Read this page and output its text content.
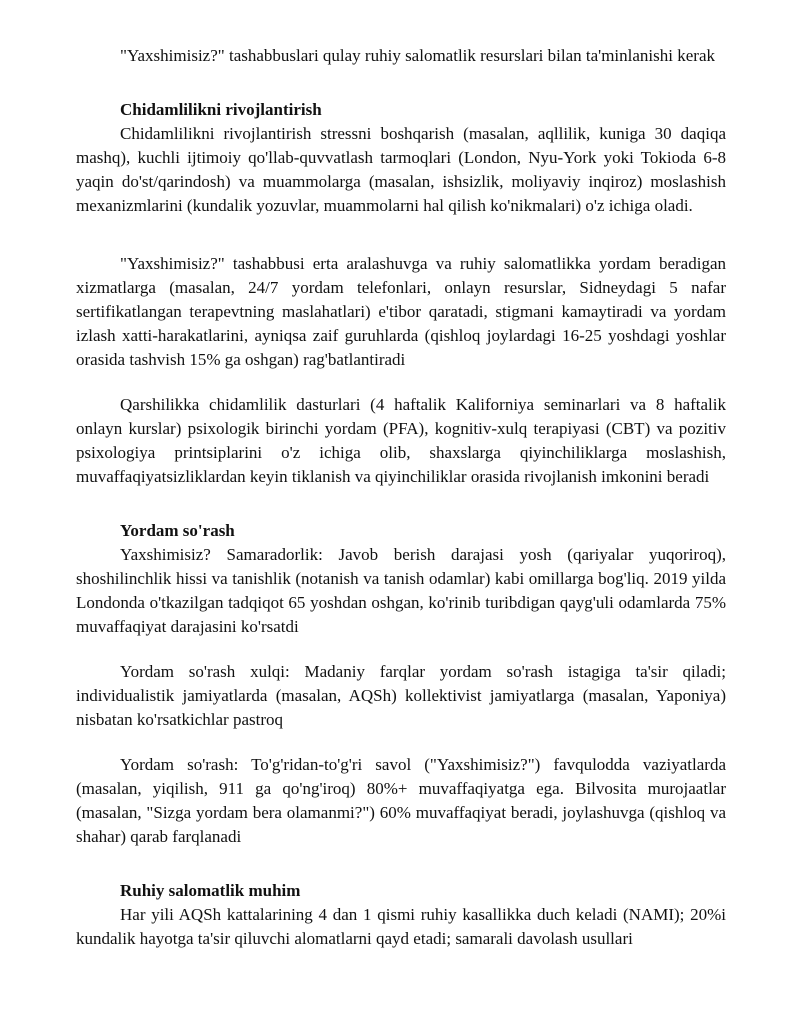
"Yaxshimisiz?" tashabbuslari qulay ruhiy salomatlik resurslari bilan ta'minlanishi kerak

Chidamlilikni rivojlantirish

Chidamlilikni rivojlantirish stressni boshqarish (masalan, aqllilik, kuniga 30 daqiqa mashq), kuchli ijtimoiy qo'llab-quvvatlash tarmoqlari (London, Nyu-York yoki Tokioda 6-8 yaqin do'st/qarindosh) va muammolarga (masalan, ishsizlik, moliyaviy inqiroz) moslashish mexanizmlarini (kundalik yozuvlar, muammolarni hal qilish ko'nikmalari) o'z ichiga oladi.

"Yaxshimisiz?" tashabbusi erta aralashuvga va ruhiy salomatlikka yordam beradigan xizmatlarga (masalan, 24/7 yordam telefonlari, onlayn resurslar, Sidneydagi 5 nafar sertifikatlangan terapevtning maslahatlari) e'tibor qaratadi, stigmani kamaytiradi va yordam izlash xatti-harakatlarini, ayniqsa zaif guruhlarda (qishloq joylardagi 16-25 yoshdagi yoshlar orasida tashvish 15% ga oshgan) rag'batlantiradi

Qarshilikka chidamlilik dasturlari (4 haftalik Kaliforniya seminarlari va 8 haftalik onlayn kurslar) psixologik birinchi yordam (PFA), kognitiv-xulq terapiyasi (CBT) va pozitiv psixologiya printsiplarini o'z ichiga olib, shaxslarga qiyinchiliklarga moslashish, muvaffaqiyatsizliklardan keyin tiklanish va qiyinchiliklar orasida rivojlanish imkonini beradi

Yordam so'rash

Yaxshimisiz? Samaradorlik: Javob berish darajasi yosh (qariyalar yuqoriroq), shoshilinchlik hissi va tanishlik (notanish va tanish odamlar) kabi omillarga bog'liq. 2019 yilda Londonda o'tkazilgan tadqiqot 65 yoshdan oshgan, ko'rinib turibdigan qayg'uli odamlarda 75% muvaffaqiyat darajasini ko'rsatdi

Yordam so'rash xulqi: Madaniy farqlar yordam so'rash istagiga ta'sir qiladi; individualistik jamiyatlarda (masalan, AQSh) kollektivist jamiyatlarga (masalan, Yaponiya) nisbatan ko'rsatkichlar pastroq

Yordam so'rash: To'g'ridan-to'g'ri savol ("Yaxshimisiz?") favqulodda vaziyatlarda (masalan, yiqilish, 911 ga qo'ng'iroq) 80%+ muvaffaqiyatga ega. Bilvosita murojaatlar (masalan, "Sizga yordam bera olamanmi?") 60% muvaffaqiyat beradi, joylashuvga (qishloq va shahar) qarab farqlanadi

Ruhiy salomatlik muhim

Har yili AQSh kattalarining 4 dan 1 qismi ruhiy kasallikka duch keladi (NAMI); 20%i kundalik hayotga ta'sir qiluvchi alomatlarni qayd etadi; samarali davolash usullari
